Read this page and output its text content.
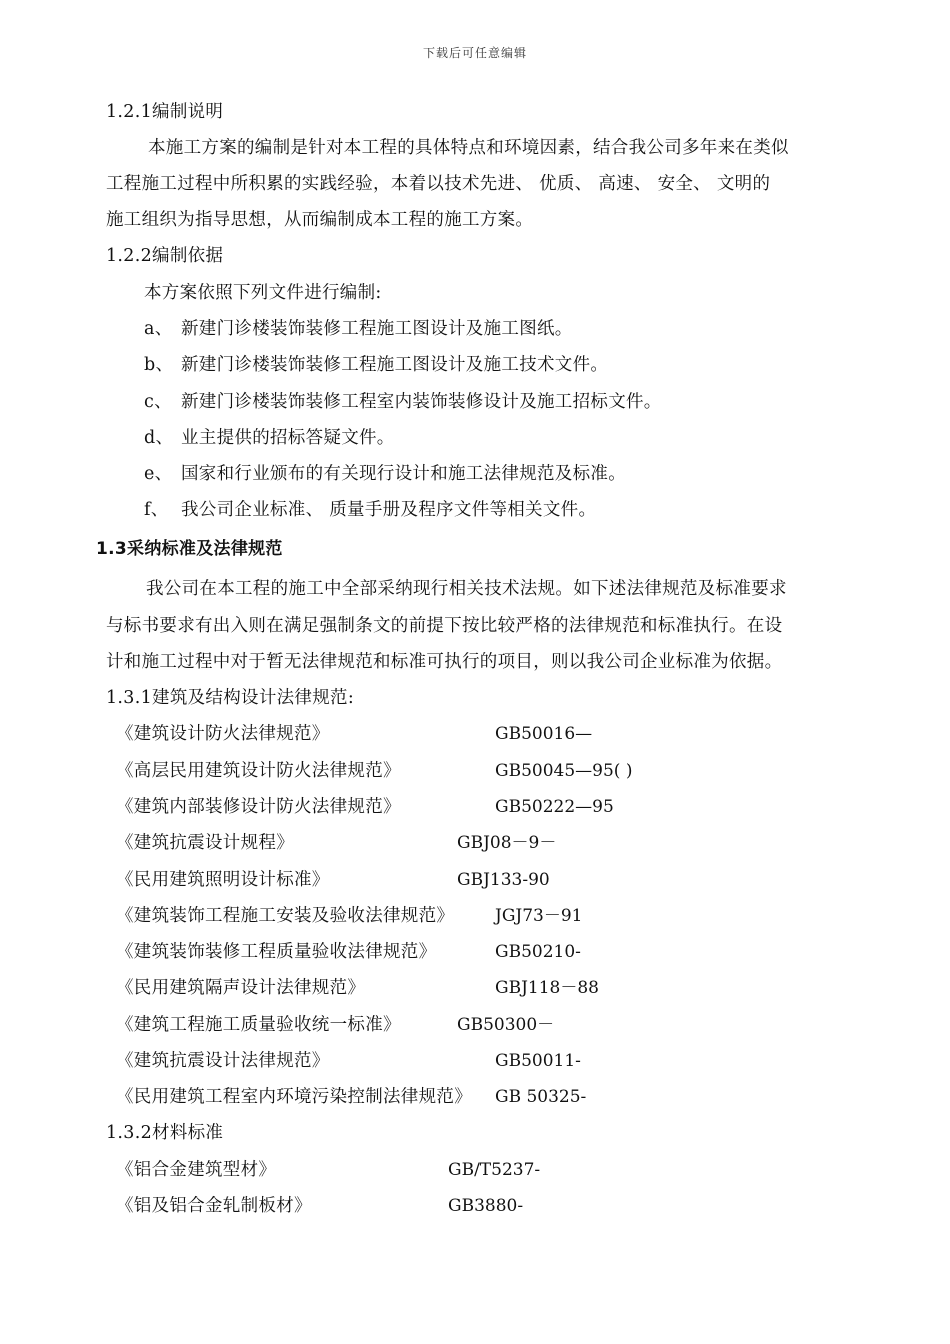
下载后可任意编辑
1.2.1编制说明
本施工方案的编制是针对本工程的具体特点和环境因素，结合我公司多年来在类似
工程施工过程中所积累的实践经验，本着以技术先进、 优质、 高速、 安全、 文明的
施工组织为指导思想，从而编制成本工程的施工方案。
1.2.2编制依据
本方案依照下列文件进行编制:
a、 新建门诊楼装饰装修工程施工图设计及施工图纸。
b、 新建门诊楼装饰装修工程施工图设计及施工技术文件。
c、 新建门诊楼装饰装修工程室内装饰装修设计及施工招标文件。
d、 业主提供的招标答疑文件。
e、 国家和行业颁布的有关现行设计和施工法律规范及标准。
f、 我公司企业标准、 质量手册及程序文件等相关文件。
1.3采纳标准及法律规范
我公司在本工程的施工中全部采纳现行相关技术法规。如下述法律规范及标准要求
与标书要求有出入则在满足强制条文的前提下按比较严格的法律规范和标准执行。在设
计和施工过程中对于暂无法律规范和标准可执行的项目，则以我公司企业标准为依据。
1.3.1建筑及结构设计法律规范:
《建筑设计防火法律规范》	GB50016—
《高层民用建筑设计防火法律规范》	GB50045—95( )
《建筑内部装修设计防火法律规范》	GB50222—95
《建筑抗震设计规程》	GBJ08－9－
《民用建筑照明设计标准》	GBJ133-90
《建筑装饰工程施工安装及验收法律规范》 JGJ73－91
《建筑装饰装修工程质量验收法律规范》	GB50210-
《民用建筑隔声设计法律规范》	GBJ118－88
《建筑工程施工质量验收统一标准》	GB50300－
《建筑抗震设计法律规范》	GB50011-
《民用建筑工程室内环境污染控制法律规范》 GB 50325-
1.3.2材料标准
《铝合金建筑型材》	GB/T5237-
《铝及铝合金轧制板材》	GB3880-
